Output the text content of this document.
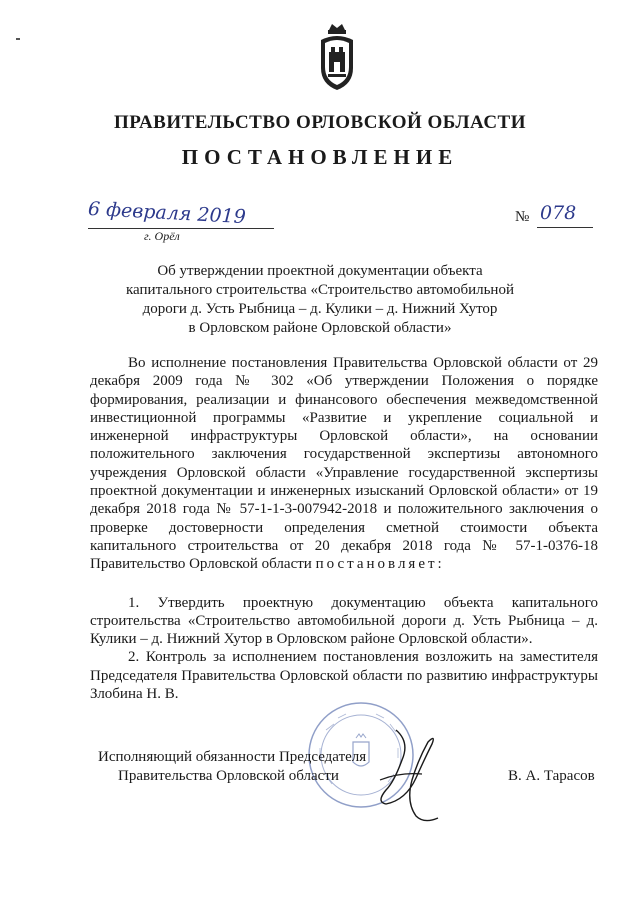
ПРАВИТЕЛЬСТВО ОРЛОВСКОЙ ОБЛАСТИ
ПОСТАНОВЛЕНИЕ
6 февраля 2019
г. Орёл
№ 078
Об утверждении проектной документации объекта
капитального строительства «Строительство автомобильной
дороги д. Усть Рыбница – д. Кулики – д. Нижний Хутор
в Орловском районе Орловской области»

Во исполнение постановления Правительства Орловской области от 29 декабря 2009 года № 302 «Об утверждении Положения о порядке формирования, реализации и финансового обеспечения межведомственной инвестиционной программы «Развитие и укрепление социальной и инженерной инфраструктуры Орловской области», на основании положительного заключения государственной экспертизы автономного учреждения Орловской области «Управление государственной экспертизы проектной документации и инженерных изысканий Орловской области» от 19 декабря 2018 года № 57-1-1-3-007942-2018 и положительного заключения о проверке достоверности определения сметной стоимости объекта капитального строительства от 20 декабря 2018 года № 57-1-0376-18 Правительство Орловской области постановляет:

1. Утвердить проектную документацию объекта капитального строительства «Строительство автомобильной дороги д. Усть Рыбница – д. Кулики – д. Нижний Хутор в Орловском районе Орловской области».

2. Контроль за исполнением постановления возложить на заместителя Председателя Правительства Орловской области по развитию инфраструктуры Злобина Н. В.

Исполняющий обязанности Председателя
Правительства Орловской области	В. А. Тарасов
